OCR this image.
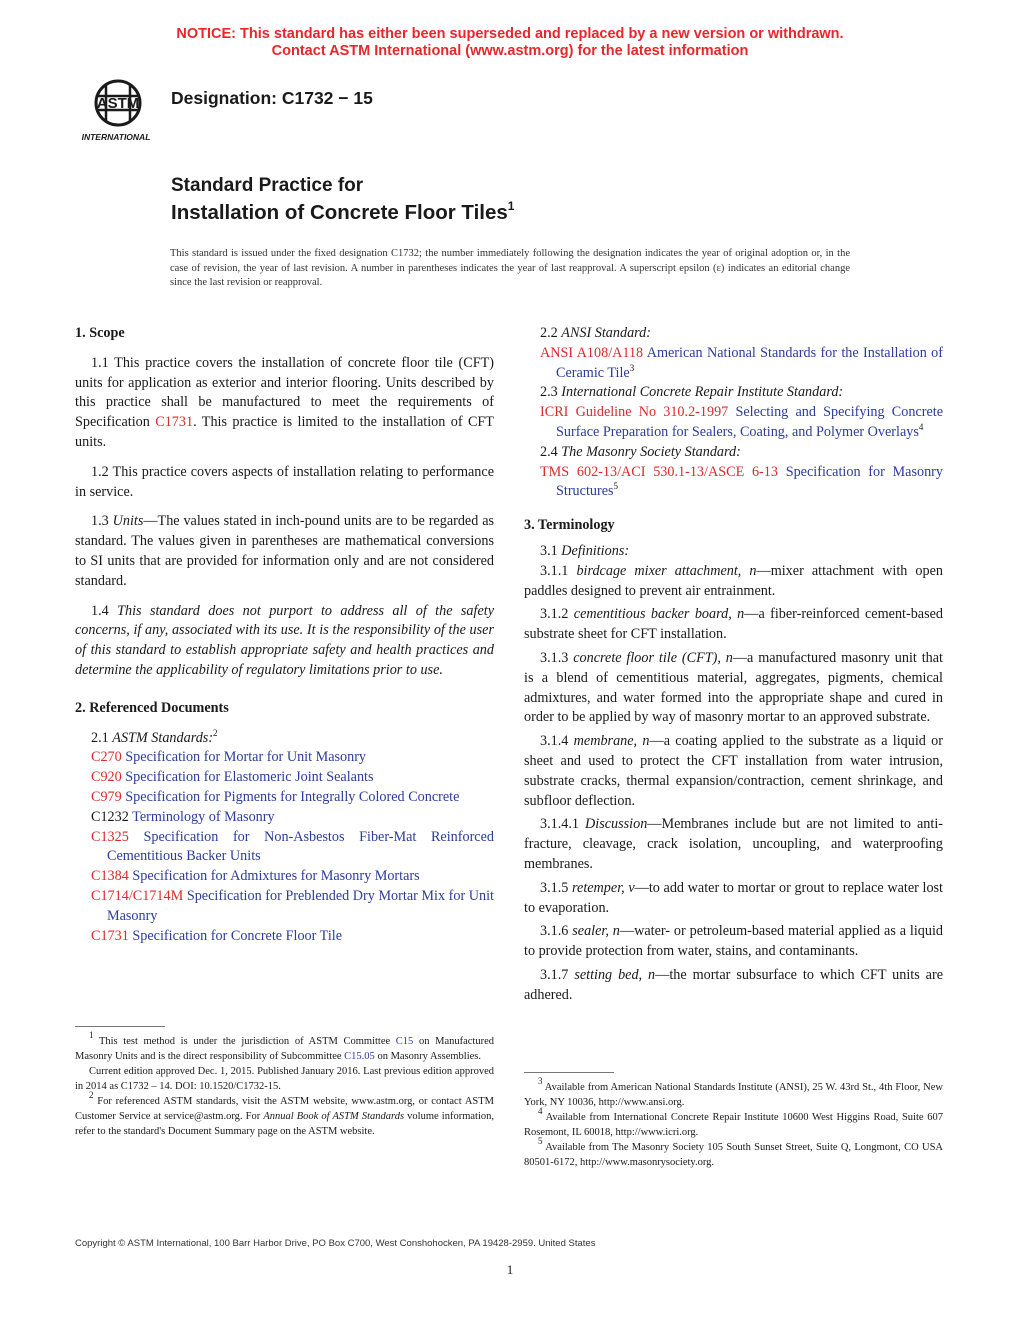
NOTICE: This standard has either been superseded and replaced by a new version or withdrawn.
Contact ASTM International (www.astm.org) for the latest information
ASTM
INTERNATIONAL
Designation: C1732 − 15
Standard Practice for
Installation of Concrete Floor Tiles$^1$
This standard is issued under the fixed designation C1732; the number immediately following the designation indicates the year of original adoption or, in the case of revision, the year of last revision. A number in parentheses indicates the year of last reapproval. A superscript epsilon (ε) indicates an editorial change since the last revision or reapproval.

1. Scope

1.1 This practice covers the installation of concrete floor tile (CFT) units for application as exterior and interior flooring. Units described by this practice shall be manufactured to meet the requirements of Specification C1731. This practice is limited to the installation of CFT units.

1.2 This practice covers aspects of installation relating to performance in service.

1.3 Units—The values stated in inch-pound units are to be regarded as standard. The values given in parentheses are mathematical conversions to SI units that are provided for information only and are not considered standard.

1.4 This standard does not purport to address all of the safety concerns, if any, associated with its use. It is the responsibility of the user of this standard to establish appropriate safety and health practices and determine the applicability of regulatory limitations prior to use.

2. Referenced Documents

2.1 ASTM Standards:$^2$

C270 Specification for Mortar for Unit Masonry

C920 Specification for Elastomeric Joint Sealants

C979 Specification for Pigments for Integrally Colored Concrete

C1232 Terminology of Masonry

C1325 Specification for Non-Asbestos Fiber-Mat Reinforced Cementitious Backer Units

C1384 Specification for Admixtures for Masonry Mortars

C1714/C1714M Specification for Preblended Dry Mortar Mix for Unit Masonry

C1731 Specification for Concrete Floor Tile

$^1$ This test method is under the jurisdiction of ASTM Committee C15 on Manufactured Masonry Units and is the direct responsibility of Subcommittee C15.05 on Masonry Assemblies.

Current edition approved Dec. 1, 2015. Published January 2016. Last previous edition approved in 2014 as C1732 – 14. DOI: 10.1520/C1732-15.

$^2$ For referenced ASTM standards, visit the ASTM website, www.astm.org, or contact ASTM Customer Service at service@astm.org. For Annual Book of ASTM Standards volume information, refer to the standard's Document Summary page on the ASTM website.

2.2 ANSI Standard:

ANSI A108/A118 American National Standards for the Installation of Ceramic Tile$^3$

2.3 International Concrete Repair Institute Standard:

ICRI Guideline No 310.2-1997 Selecting and Specifying Concrete Surface Preparation for Sealers, Coating, and Polymer Overlays$^4$

2.4 The Masonry Society Standard:

TMS 602-13/ACI 530.1-13/ASCE 6-13 Specification for Masonry Structures$^5$

3. Terminology

3.1 Definitions:

3.1.1 birdcage mixer attachment, n—mixer attachment with open paddles designed to prevent air entrainment.

3.1.2 cementitious backer board, n—a fiber-reinforced cement-based substrate sheet for CFT installation.

3.1.3 concrete floor tile (CFT), n—a manufactured masonry unit that is a blend of cementitious material, aggregates, pigments, chemical admixtures, and water formed into the appropriate shape and cured in order to be applied by way of masonry mortar to an approved substrate.

3.1.4 membrane, n—a coating applied to the substrate as a liquid or sheet and used to protect the CFT installation from water intrusion, substrate cracks, thermal expansion/contraction, cement shrinkage, and subfloor deflection.

3.1.4.1 Discussion—Membranes include but are not limited to anti-fracture, cleavage, crack isolation, uncoupling, and waterproofing membranes.

3.1.5 retemper, v—to add water to mortar or grout to replace water lost to evaporation.

3.1.6 sealer, n—water- or petroleum-based material applied as a liquid to provide protection from water, stains, and contaminants.

3.1.7 setting bed, n—the mortar subsurface to which CFT units are adhered.

$^3$ Available from American National Standards Institute (ANSI), 25 W. 43rd St., 4th Floor, New York, NY 10036, http://www.ansi.org.

$^4$ Available from International Concrete Repair Institute 10600 West Higgins Road, Suite 607 Rosemont, IL 60018, http://www.icri.org.

$^5$ Available from The Masonry Society 105 South Sunset Street, Suite Q, Longmont, CO USA 80501-6172, http://www.masonrysociety.org.

Copyright © ASTM International, 100 Barr Harbor Drive, PO Box C700, West Conshohocken, PA 19428-2959. United States
1
